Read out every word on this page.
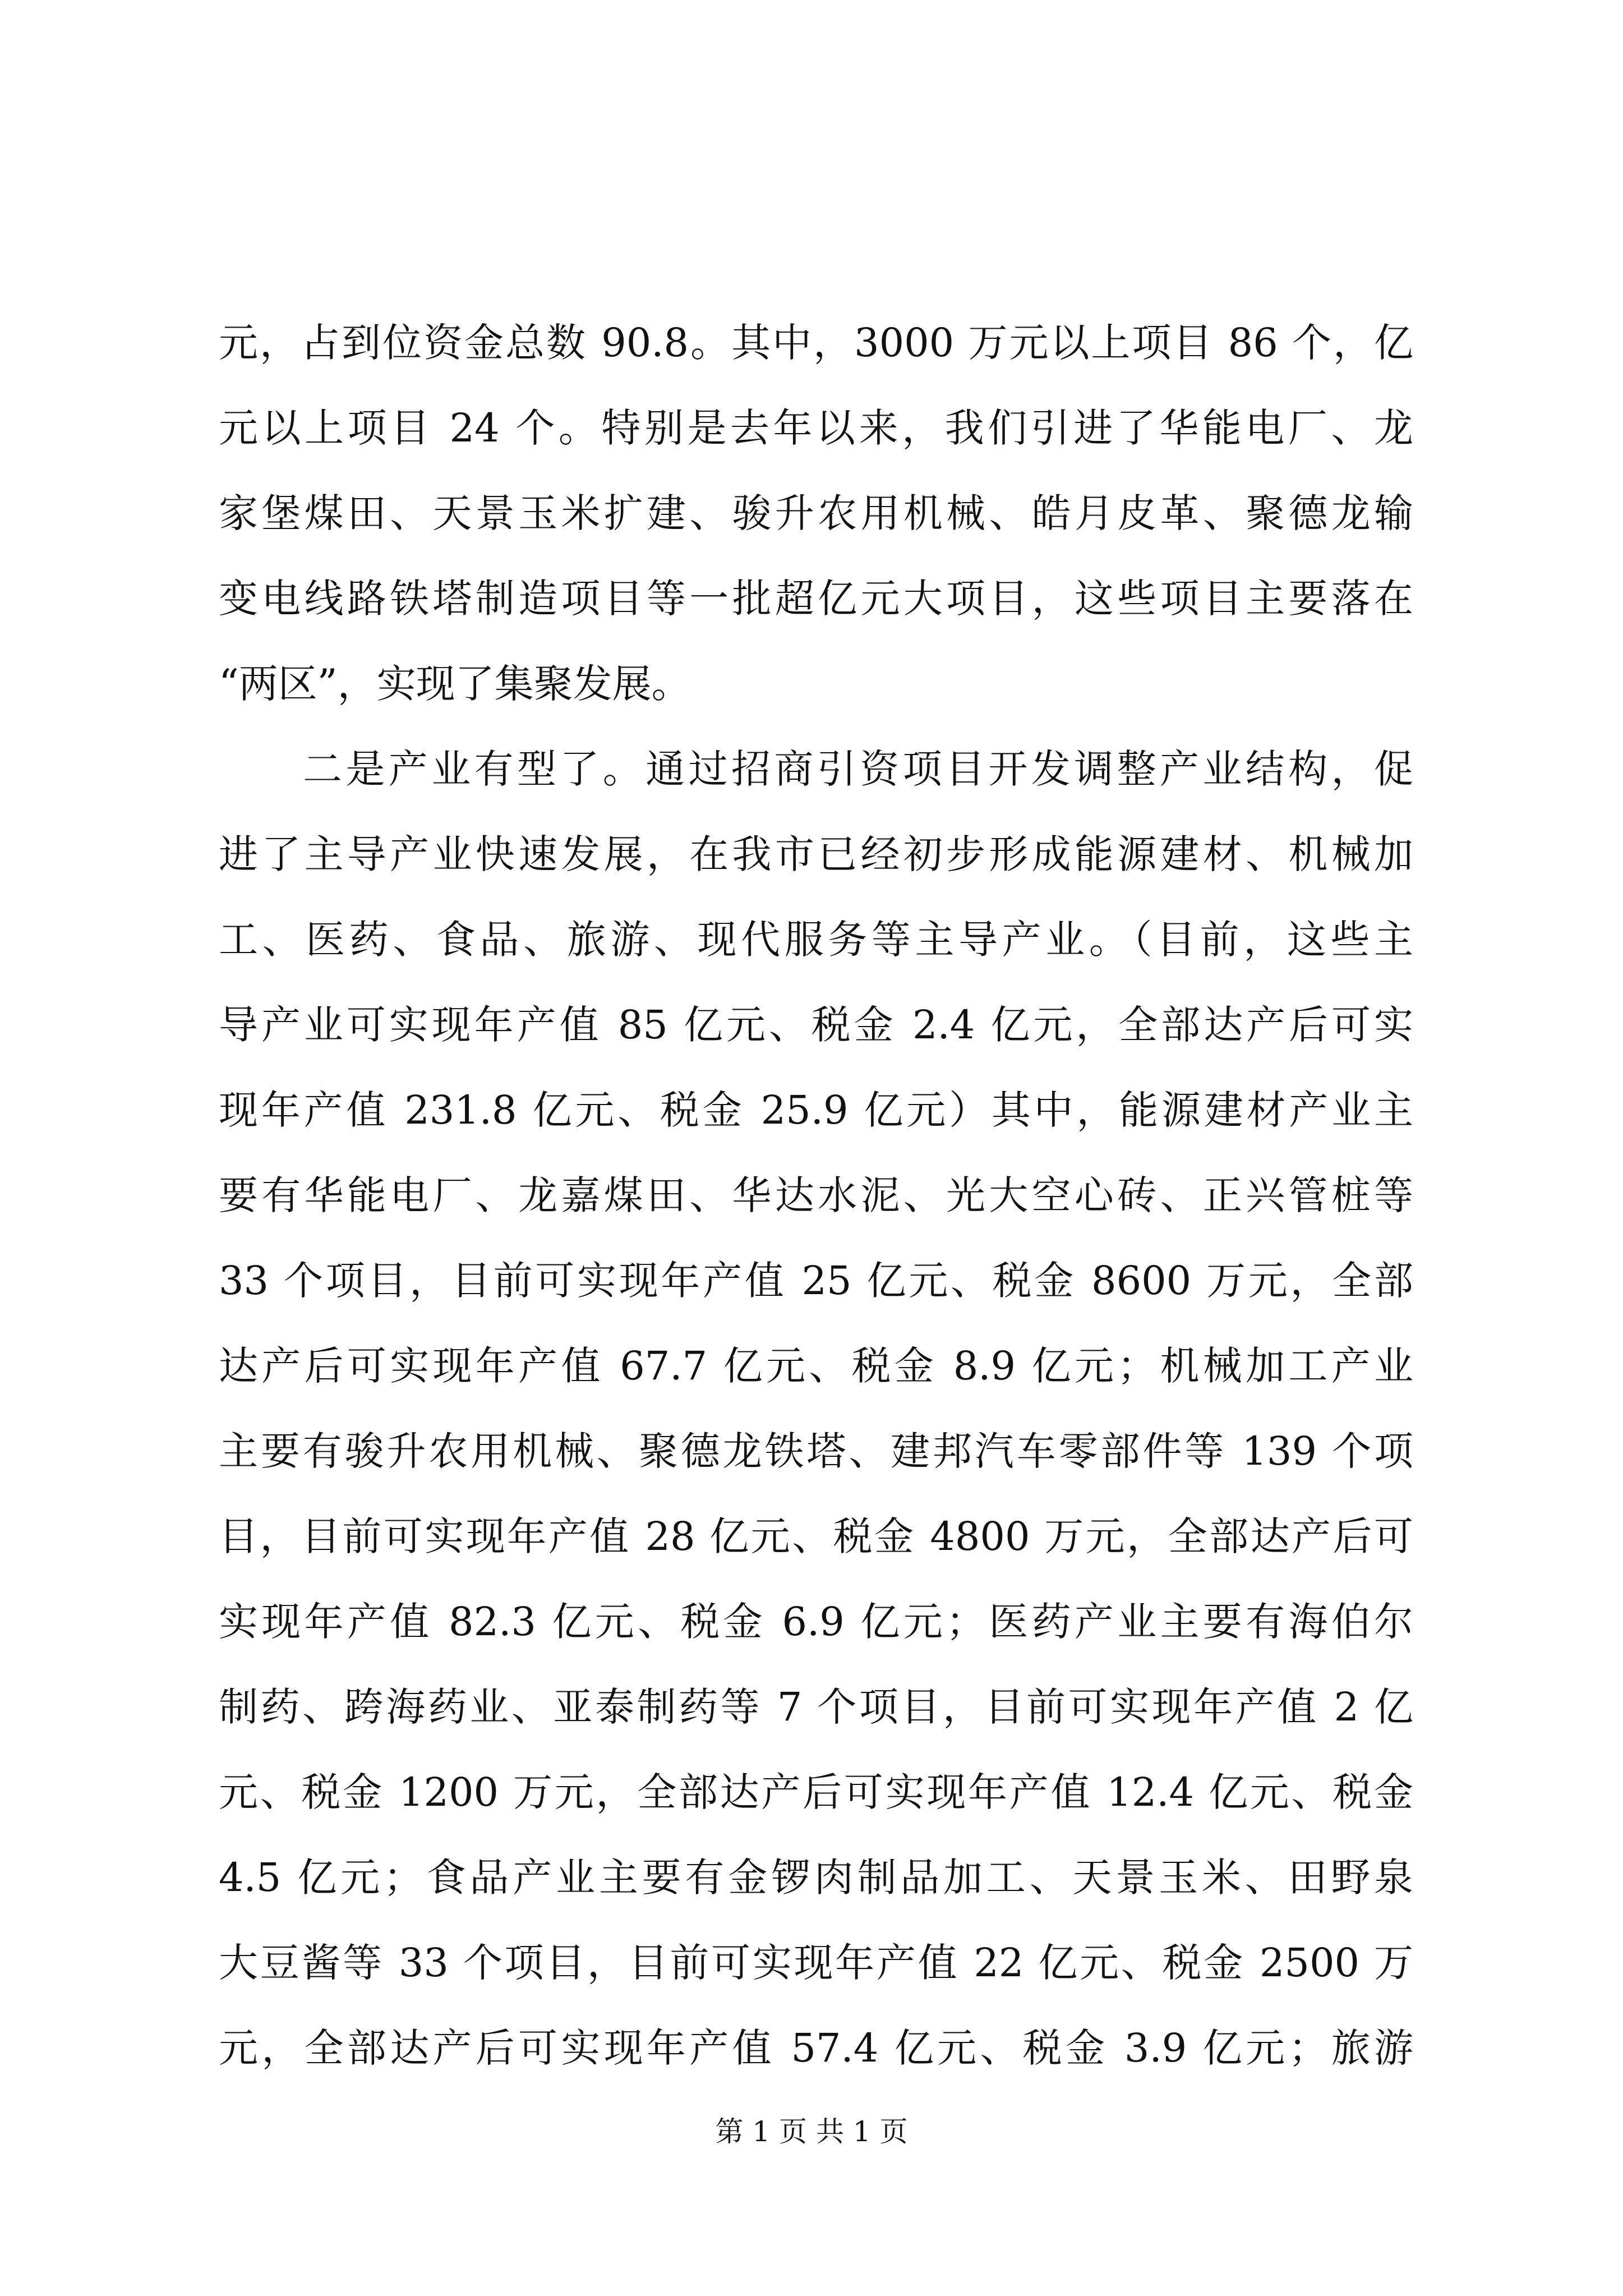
元，占到位资金总数 90.8。其中，3000 万元以上项目 86 个，亿
元以上项目 24 个。特别是去年以来，我们引进了华能电厂、龙
家堡煤田、天景玉米扩建、骏升农用机械、皓月皮革、聚德龙输
变电线路铁塔制造项目等一批超亿元大项目，这些项目主要落在
“两区”，实现了集聚发展。
二是产业有型了。通过招商引资项目开发调整产业结构，促
进了主导产业快速发展，在我市已经初步形成能源建材、机械加
工、医药、食品、旅游、现代服务等主导产业。（目前，这些主
导产业可实现年产值 85 亿元、税金 2.4 亿元，全部达产后可实
现年产值 231.8 亿元、税金 25.9 亿元）其中，能源建材产业主
要有华能电厂、龙嘉煤田、华达水泥、光大空心砖、正兴管桩等
33 个项目，目前可实现年产值 25 亿元、税金 8600 万元，全部
达产后可实现年产值 67.7 亿元、税金 8.9 亿元；机械加工产业
主要有骏升农用机械、聚德龙铁塔、建邦汽车零部件等 139 个项
目，目前可实现年产值 28 亿元、税金 4800 万元，全部达产后可
实现年产值 82.3 亿元、税金 6.9 亿元；医药产业主要有海伯尔
制药、跨海药业、亚泰制药等 7 个项目，目前可实现年产值 2 亿
元、税金 1200 万元，全部达产后可实现年产值 12.4 亿元、税金
4.5 亿元；食品产业主要有金锣肉制品加工、天景玉米、田野泉
大豆酱等 33 个项目，目前可实现年产值 22 亿元、税金 2500 万
元，全部达产后可实现年产值 57.4 亿元、税金 3.9 亿元；旅游
第 1 页 共 1 页
